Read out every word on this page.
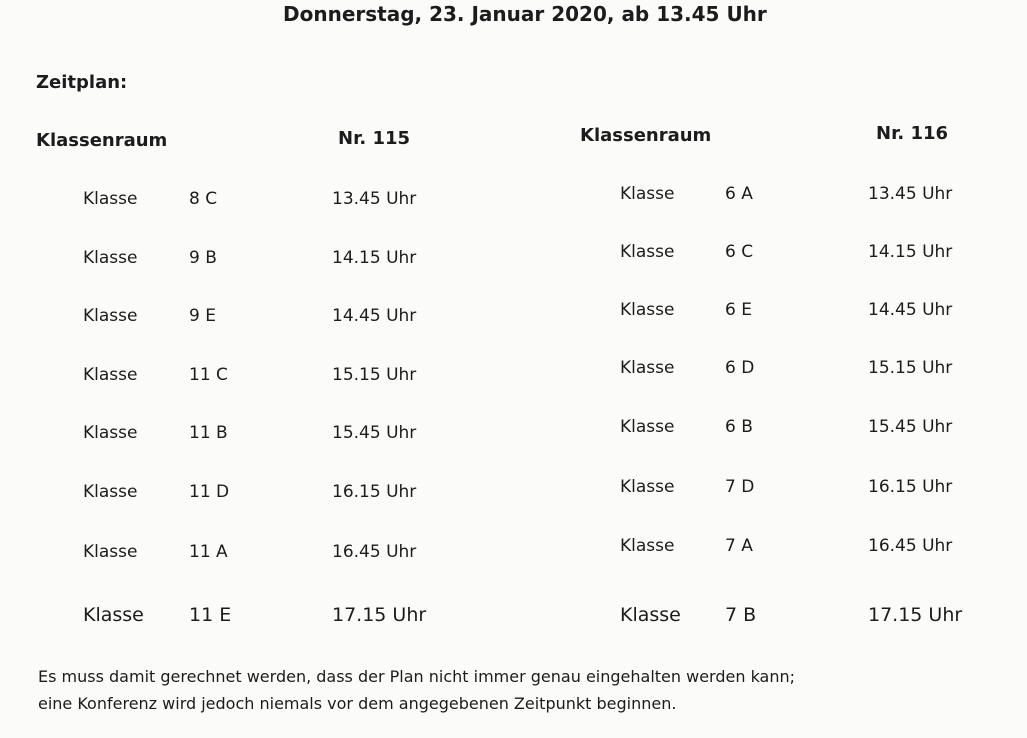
Donnerstag, 23. Januar 2020, ab 13.45 Uhr
Zeitplan:
Klassenraum	Nr. 115	Klassenraum	Nr. 116
Klasse	8 C	13.45 Uhr
Klasse	9 B	14.15 Uhr
Klasse	9 E	14.45 Uhr
Klasse	11 C	15.15 Uhr
Klasse	11 B	15.45 Uhr
Klasse	11 D	16.15 Uhr
Klasse	11 A	16.45 Uhr
Klasse 11 E	17.15 Uhr
Klasse	6 A	13.45 Uhr
Klasse	6 C	14.15 Uhr
Klasse	6 E	14.45 Uhr
Klasse	6 D	15.15 Uhr
Klasse	6 B	15.45 Uhr
Klasse	7 D	16.15 Uhr
Klasse	7 A	16.45 Uhr
Klasse 7 B	17.15 Uhr
Es muss damit gerechnet werden, dass der Plan nicht immer genau eingehalten werden kann;
eine Konferenz wird jedoch niemals vor dem angegebenen Zeitpunkt beginnen.
